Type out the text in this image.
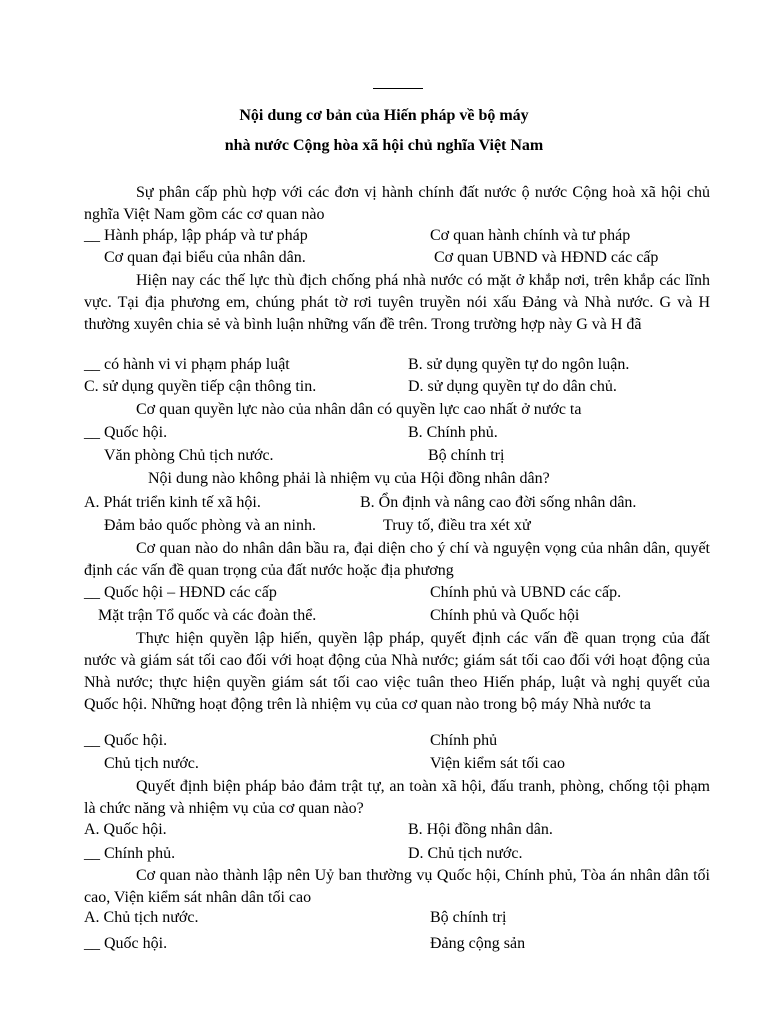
Nội dung cơ bản của Hiến pháp về bộ máy
nhà nước Cộng hòa xã hội chủ nghĩa Việt Nam
Sự phân cấp phù hợp với các đơn vị hành chính đất nước ộ nước Cộng hoà xã hội chủ nghĩa Việt Nam gồm các cơ quan nào
__ Hành pháp, lập pháp và tư pháp	Cơ quan hành chính và tư pháp
Cơ quan đại biểu của nhân dân.	Cơ quan UBND và HĐND các cấp
Hiện nay các thế lực thù địch chống phá nhà nước có mặt ở khắp nơi, trên khắp các lĩnh vực. Tại địa phương em, chúng phát tờ rơi tuyên truyền nói xấu Đảng và Nhà nước. G và H thường xuyên chia sẻ và bình luận những vấn đề trên. Trong trường hợp này G và H đã
__ có hành vi vi phạm pháp luật	B. sử dụng quyền tự do ngôn luận.
C. sử dụng quyền tiếp cận thông tin.	D. sử dụng quyền tự do dân chủ.
Cơ quan quyền lực nào của nhân dân có quyền lực cao nhất ở nước ta
__ Quốc hội.	B. Chính phủ.
Văn phòng Chủ tịch nước.	Bộ chính trị
Nội dung nào không phải là nhiệm vụ của Hội đồng nhân dân?
A. Phát triển kinh tế xã hội.	B. Ổn định và nâng cao đời sống nhân dân.
Đảm bảo quốc phòng và an ninh.	Truy tố, điều tra xét xử
Cơ quan nào do nhân dân bầu ra, đại diện cho ý chí và nguyện vọng của nhân dân, quyết định các vấn đề quan trọng của đất nước hoặc địa phương
__ Quốc hội – HĐND các cấp	Chính phủ và UBND các cấp.
Mặt trận Tổ quốc và các đoàn thể.	Chính phủ và Quốc hội
Thực hiện quyền lập hiến, quyền lập pháp, quyết định các vấn đề quan trọng của đất nước và giám sát tối cao đối với hoạt động của Nhà nước; giám sát tối cao đối với hoạt động của Nhà nước; thực hiện quyền giám sát tối cao việc tuân theo Hiến pháp, luật và nghị quyết của Quốc hội. Những hoạt động trên là nhiệm vụ của cơ quan nào trong bộ máy Nhà nước ta
__ Quốc hội.	Chính phủ
Chủ tịch nước.	Viện kiểm sát tối cao
Quyết định biện pháp bảo đảm trật tự, an toàn xã hội, đấu tranh, phòng, chống tội phạm là chức năng và nhiệm vụ của cơ quan nào?
A. Quốc hội.	B. Hội đồng nhân dân.
__ Chính phủ.	D. Chủ tịch nước.
Cơ quan nào thành lập nên Uỷ ban thường vụ Quốc hội, Chính phủ, Tòa án nhân dân tối cao, Viện kiểm sát nhân dân tối cao
A. Chủ tịch nước.	Bộ chính trị
__ Quốc hội.	Đảng cộng sản
